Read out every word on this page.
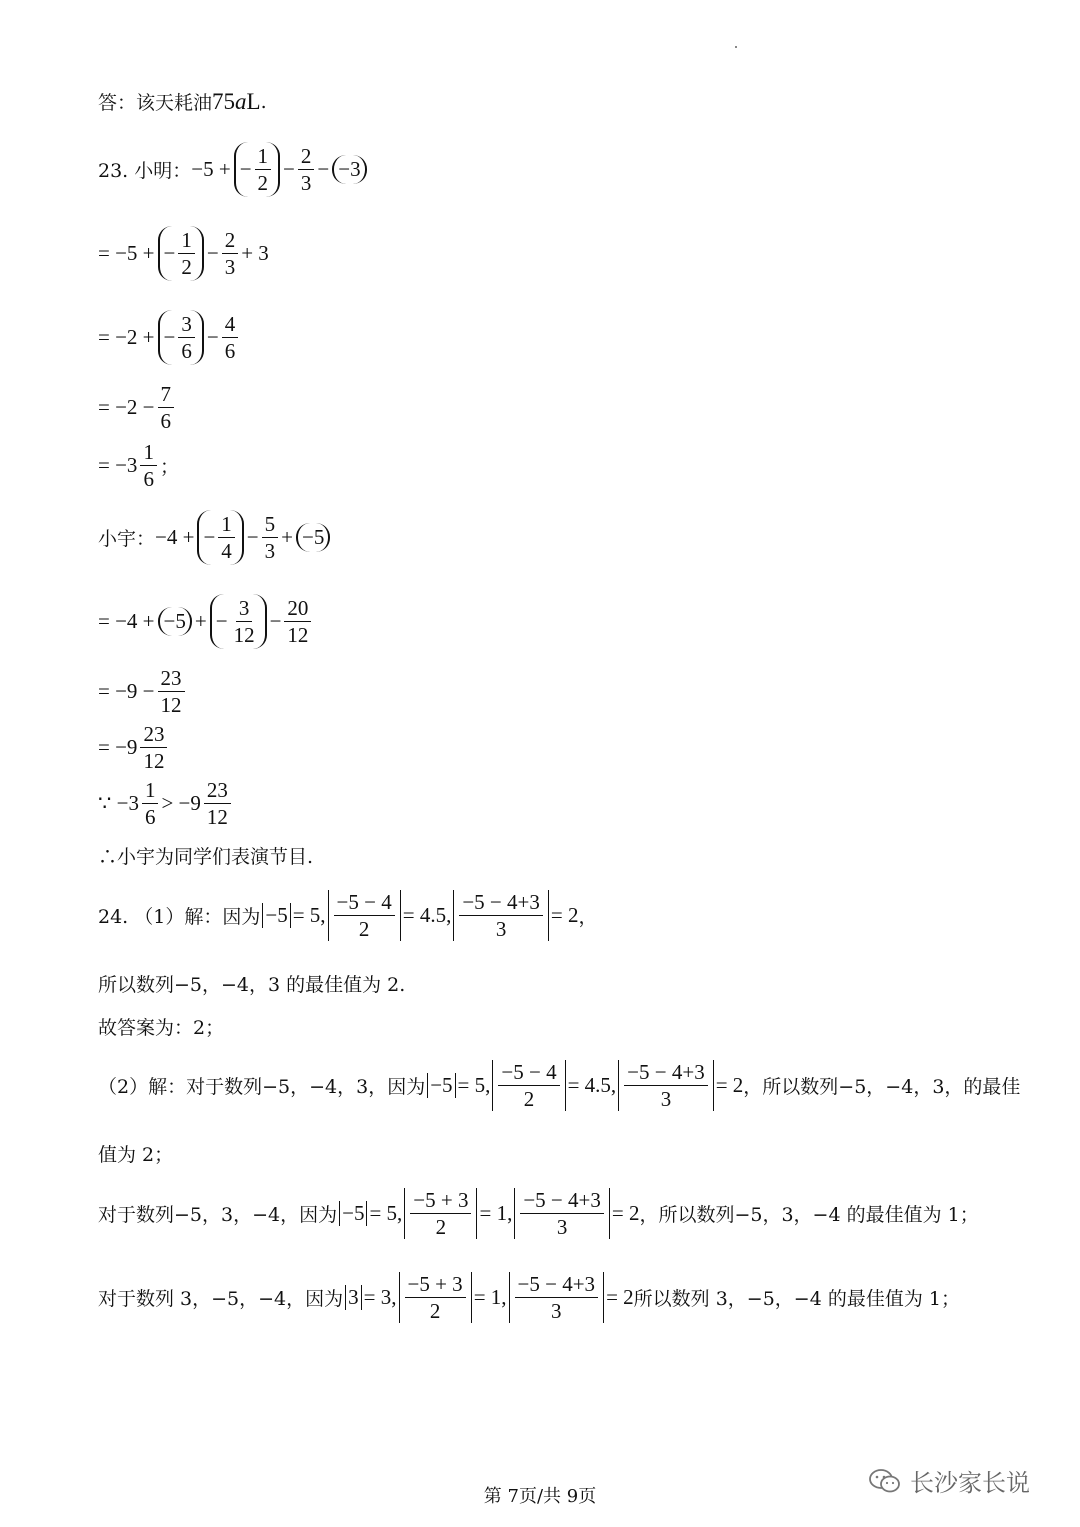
答：该天耗油 75 a L .
23. 小明： −5 + − $\frac{1}{2} - \frac{2}{3} - -3$
= −5 + − $\frac{1}{2} - \frac{2}{3} + 3$
= −2 + − $\frac{3}{6} - \frac{4}{6}$
= $-2 - \frac{7}{6}$
= $-3 \frac{1}{6}$ ；
小宇： −4 + − $\frac{1}{4} - \frac{5}{3} + -5$
= −4 + −5 + − $\frac{3}{12} - \frac{20}{12}$
= $-9 - \frac{23}{12}$
= $-9 \frac{23}{12}$
∵ $-3 \frac{1}{6} > -9 \frac{23}{12}$
∴小宇为同学们表演节目.
24. （1）解：因为 −5 = 5, $\frac{-5 - 4}{2} = 4.5$, $\frac{-5 - 4+3}{3} = 2$ ，
所以数列−5，−4，3 的最佳值为 2.
故答案为：2；
（2）解：对于数列−5，−4，3，因为 −5 = 5, $\frac{-5 - 4}{2} = 4.5$, $\frac{-5 - 4+3}{3} = 2$ ，所以数列−5，−4，3，的最佳
值为 2；
对于数列−5，3，−4，因为 −5 = 5, $\frac{-5 + 3}{2} = 1$, $\frac{-5 - 4+3}{3} = 2$ ，所以数列−5，3，−4 的最佳值为 1；
对于数列 3，−5，−4，因为 3 = 3, $\frac{-5 + 3}{2} = 1$, $\frac{-5 - 4+3}{3} = 2$ 所以数列 3，−5，−4 的最佳值为 1；
第 7页/共 9页	长沙家长说
